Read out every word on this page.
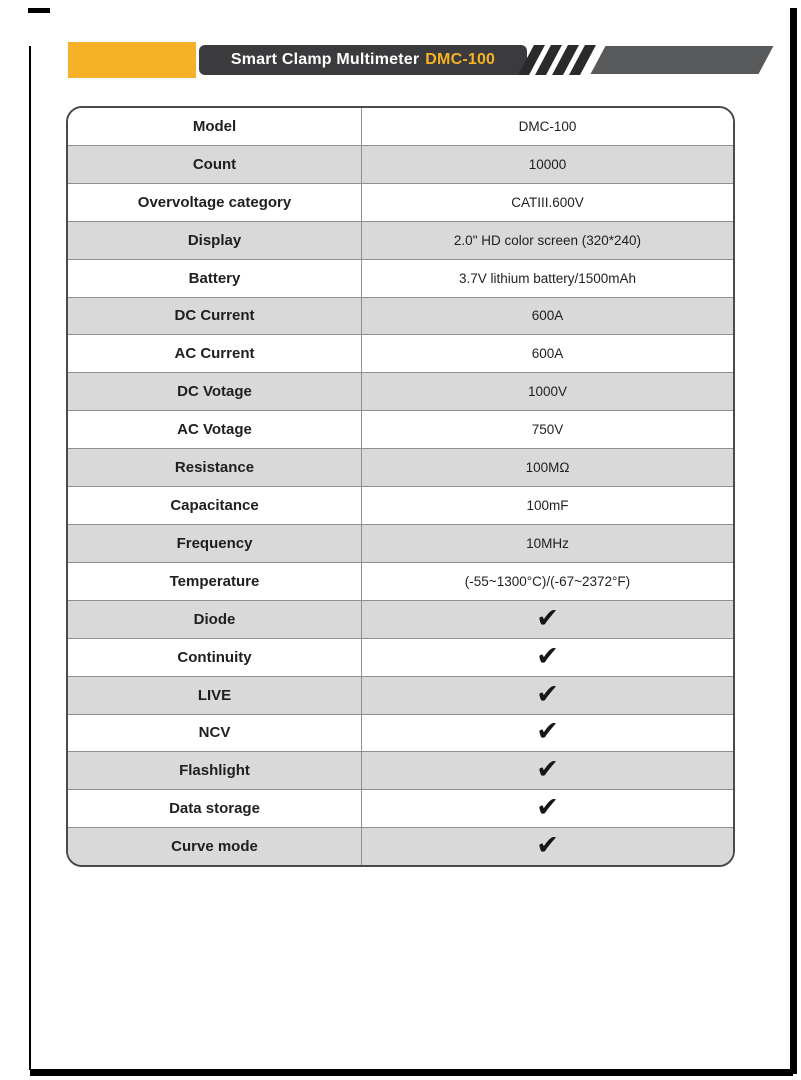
Smart Clamp Multimeter DMC-100
Model	DMC-100
Count	10000
Overvoltage category	CATIII.600V
Display	2.0" HD color screen (320*240)
Battery	3.7V lithium battery/1500mAh
DC Current	600A
AC Current	600A
DC Votage	1000V
AC Votage	750V
Resistance	100MΩ
Capacitance	100mF
Frequency	10MHz
Temperature	(-55~1300°C)/(-67~2372°F)
Diode	✔
Continuity	✔
LIVE	✔
NCV	✔
Flashlight	✔
Data storage	✔
Curve mode	✔
